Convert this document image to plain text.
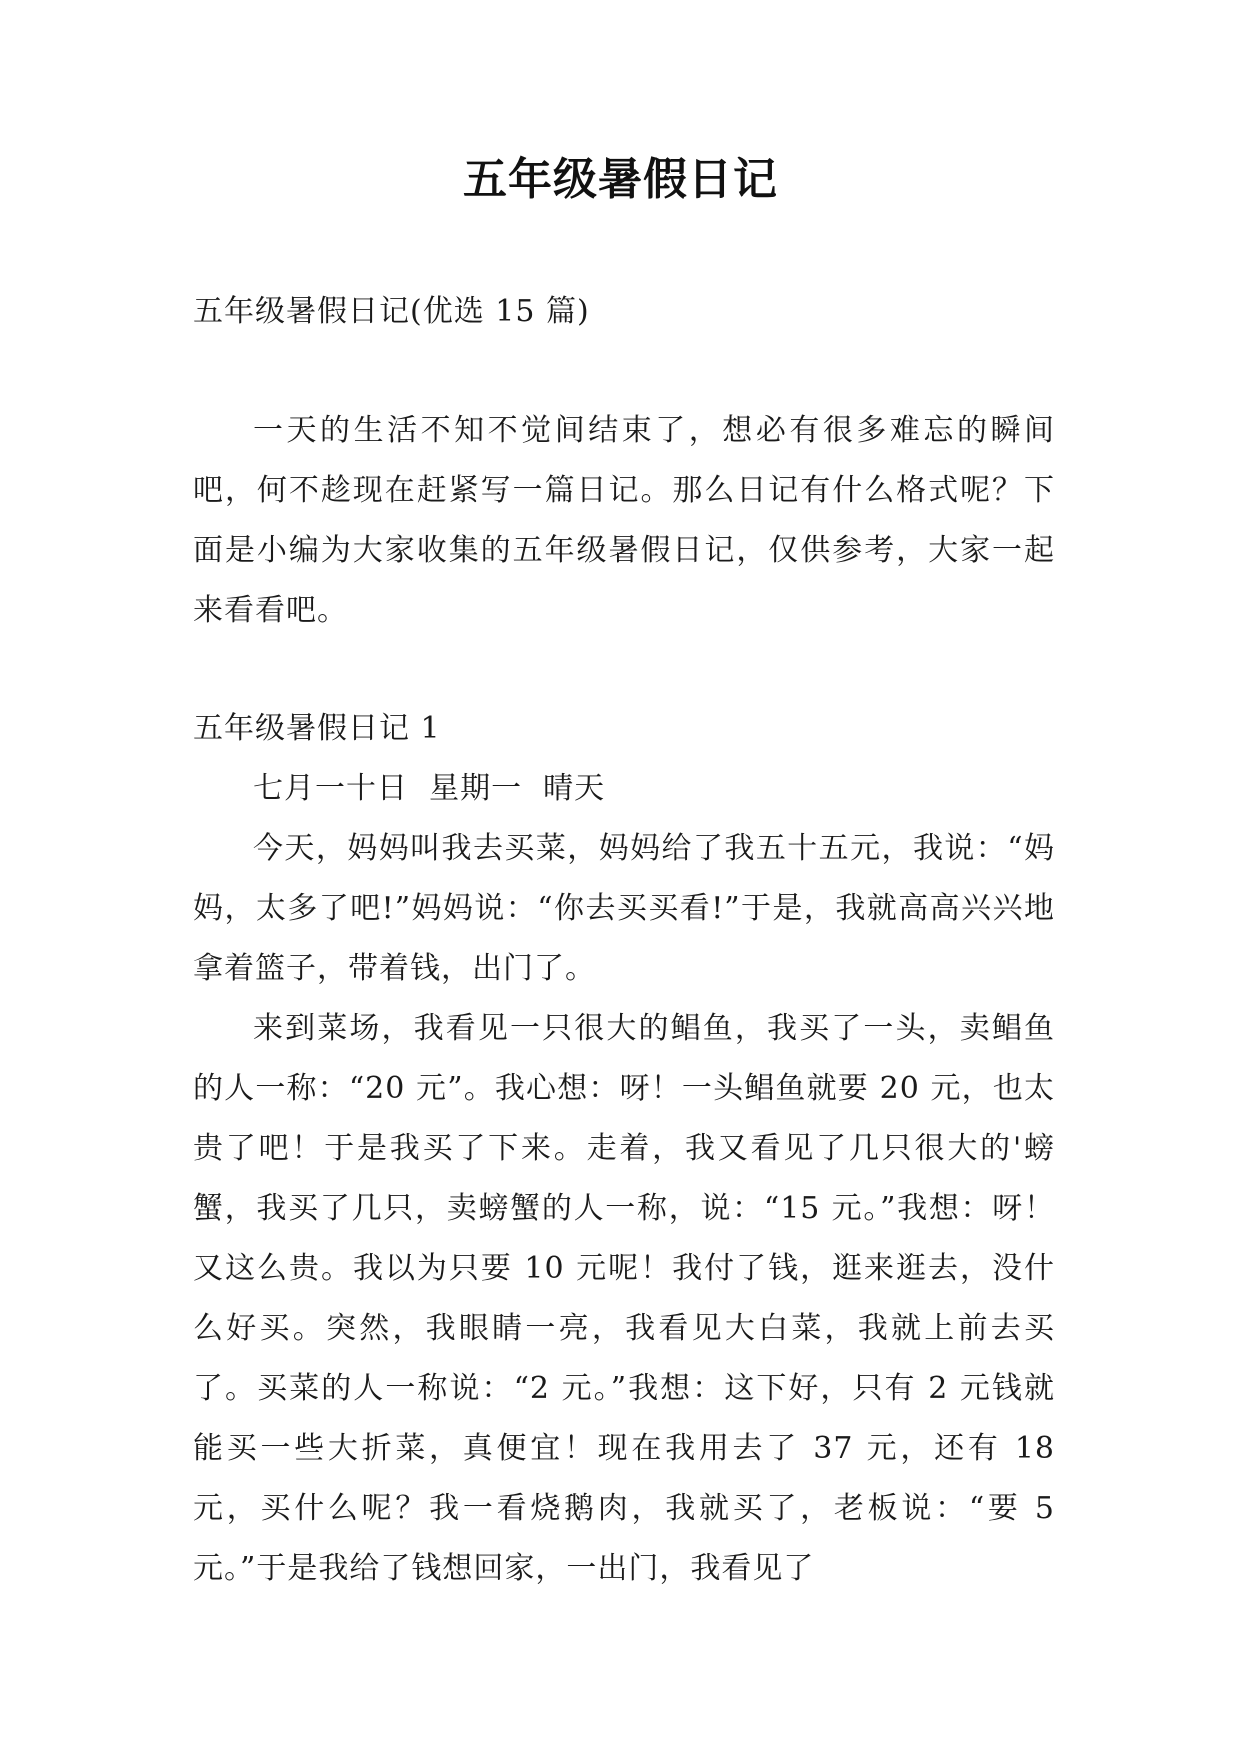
五年级暑假日记

五年级暑假日记(优选 15 篇)

一天的生活不知不觉间结束了，想必有很多难忘的瞬间吧，何不趁现在赶紧写一篇日记。那么日记有什么格式呢？下面是小编为大家收集的五年级暑假日记，仅供参考，大家一起来看看吧。

五年级暑假日记 1

七月一十日  星期一  晴天

今天，妈妈叫我去买菜，妈妈给了我五十五元，我说：“妈妈，太多了吧!”妈妈说：“你去买买看!”于是，我就高高兴兴地拿着篮子，带着钱，出门了。

来到菜场，我看见一只很大的鲳鱼，我买了一头，卖鲳鱼的人一称：“20 元”。我心想：呀！一头鲳鱼就要 20 元，也太贵了吧！于是我买了下来。走着，我又看见了几只很大的'螃蟹，我买了几只，卖螃蟹的人一称，说：“15 元。”我想：呀！又这么贵。我以为只要 10 元呢！我付了钱，逛来逛去，没什么好买。突然，我眼睛一亮，我看见大白菜，我就上前去买了。买菜的人一称说：“2 元。”我想：这下好，只有 2 元钱就能买一些大折菜，真便宜！现在我用去了 37 元，还有 18 元，买什么呢？我一看烧鹅肉，我就买了，老板说：“要 5 元。”于是我给了钱想回家，一出门，我看见了
